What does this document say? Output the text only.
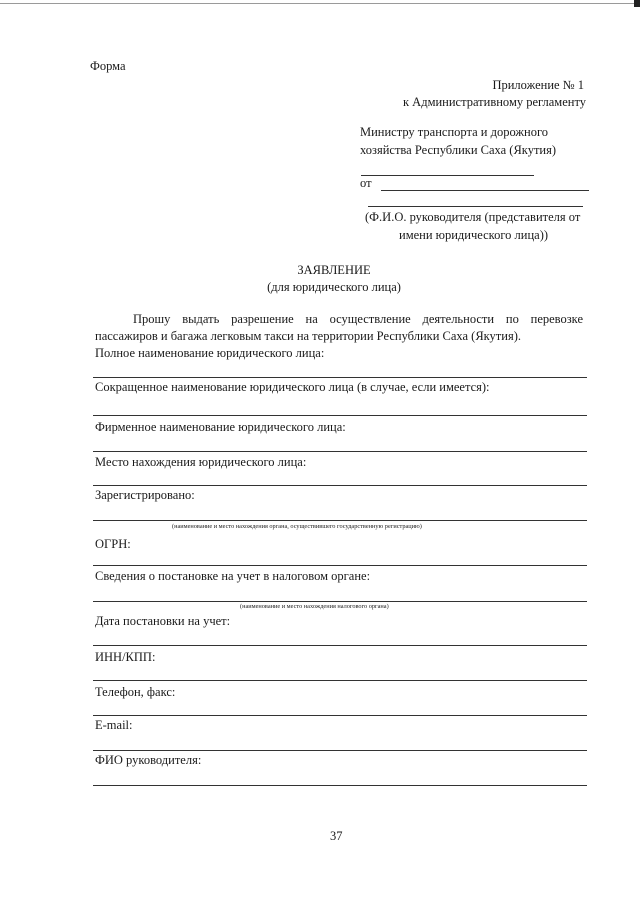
Форма
Приложение № 1
к Административному регламенту
Министру транспорта и дорожного
хозяйства Республики Саха (Якутия)
от
(Ф.И.О. руководителя (представителя от
имени юридического лица))
ЗАЯВЛЕНИЕ
(для юридического лица)
Прошу выдать разрешение на осуществление деятельности по перевозке
пассажиров и багажа легковым такси на территории Республики Саха (Якутия).
Полное наименование юридического лица:
Сокращенное наименование юридического лица (в случае, если имеется):
Фирменное наименование юридического лица:
Место нахождения юридического лица:
Зарегистрировано:
(наименование и место нахождения органа, осуществившего государственную регистрацию)
ОГРН:
Сведения о постановке на учет в налоговом органе:
(наименование и место нахождения налогового органа)
Дата постановки на учет:
ИНН/КПП:
Телефон, факс:
E-mail:
ФИО руководителя:
37
